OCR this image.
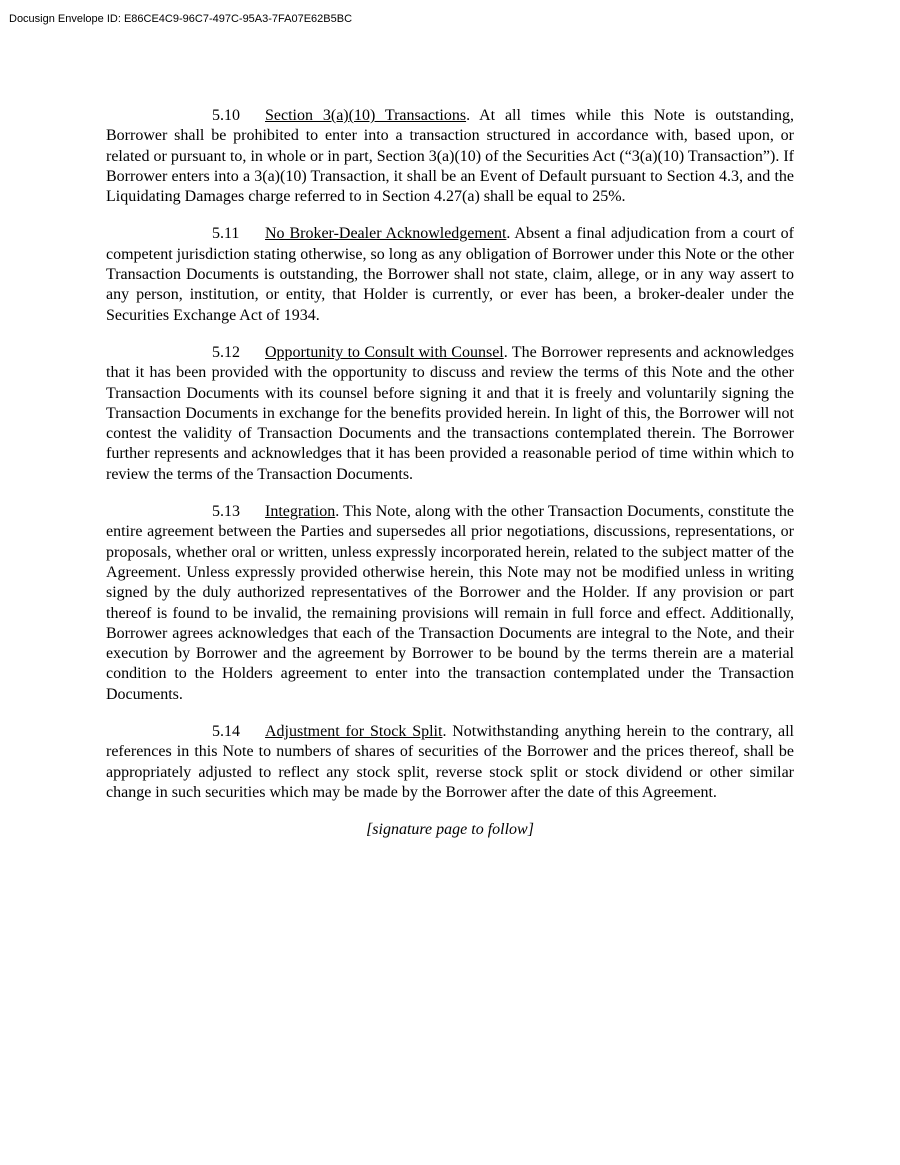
Docusign Envelope ID: E86CE4C9-96C7-497C-95A3-7FA07E62B5BC

5.10 Section 3(a)(10) Transactions. At all times while this Note is outstanding, Borrower shall be prohibited to enter into a transaction structured in accordance with, based upon, or related or pursuant to, in whole or in part, Section 3(a)(10) of the Securities Act (“3(a)(10) Transaction”). If Borrower enters into a 3(a)(10) Transaction, it shall be an Event of Default pursuant to Section 4.3, and the Liquidating Damages charge referred to in Section 4.27(a) shall be equal to 25%.

5.11 No Broker-Dealer Acknowledgement. Absent a final adjudication from a court of competent jurisdiction stating otherwise, so long as any obligation of Borrower under this Note or the other Transaction Documents is outstanding, the Borrower shall not state, claim, allege, or in any way assert to any person, institution, or entity, that Holder is currently, or ever has been, a broker-dealer under the Securities Exchange Act of 1934.

5.12 Opportunity to Consult with Counsel. The Borrower represents and acknowledges that it has been provided with the opportunity to discuss and review the terms of this Note and the other Transaction Documents with its counsel before signing it and that it is freely and voluntarily signing the Transaction Documents in exchange for the benefits provided herein. In light of this, the Borrower will not contest the validity of Transaction Documents and the transactions contemplated therein. The Borrower further represents and acknowledges that it has been provided a reasonable period of time within which to review the terms of the Transaction Documents.

5.13 Integration. This Note, along with the other Transaction Documents, constitute the entire agreement between the Parties and supersedes all prior negotiations, discussions, representations, or proposals, whether oral or written, unless expressly incorporated herein, related to the subject matter of the Agreement. Unless expressly provided otherwise herein, this Note may not be modified unless in writing signed by the duly authorized representatives of the Borrower and the Holder. If any provision or part thereof is found to be invalid, the remaining provisions will remain in full force and effect. Additionally, Borrower agrees acknowledges that each of the Transaction Documents are integral to the Note, and their execution by Borrower and the agreement by Borrower to be bound by the terms therein are a material condition to the Holders agreement to enter into the transaction contemplated under the Transaction Documents.

5.14 Adjustment for Stock Split. Notwithstanding anything herein to the contrary, all references in this Note to numbers of shares of securities of the Borrower and the prices thereof, shall be appropriately adjusted to reflect any stock split, reverse stock split or stock dividend or other similar change in such securities which may be made by the Borrower after the date of this Agreement.

[signature page to follow]
